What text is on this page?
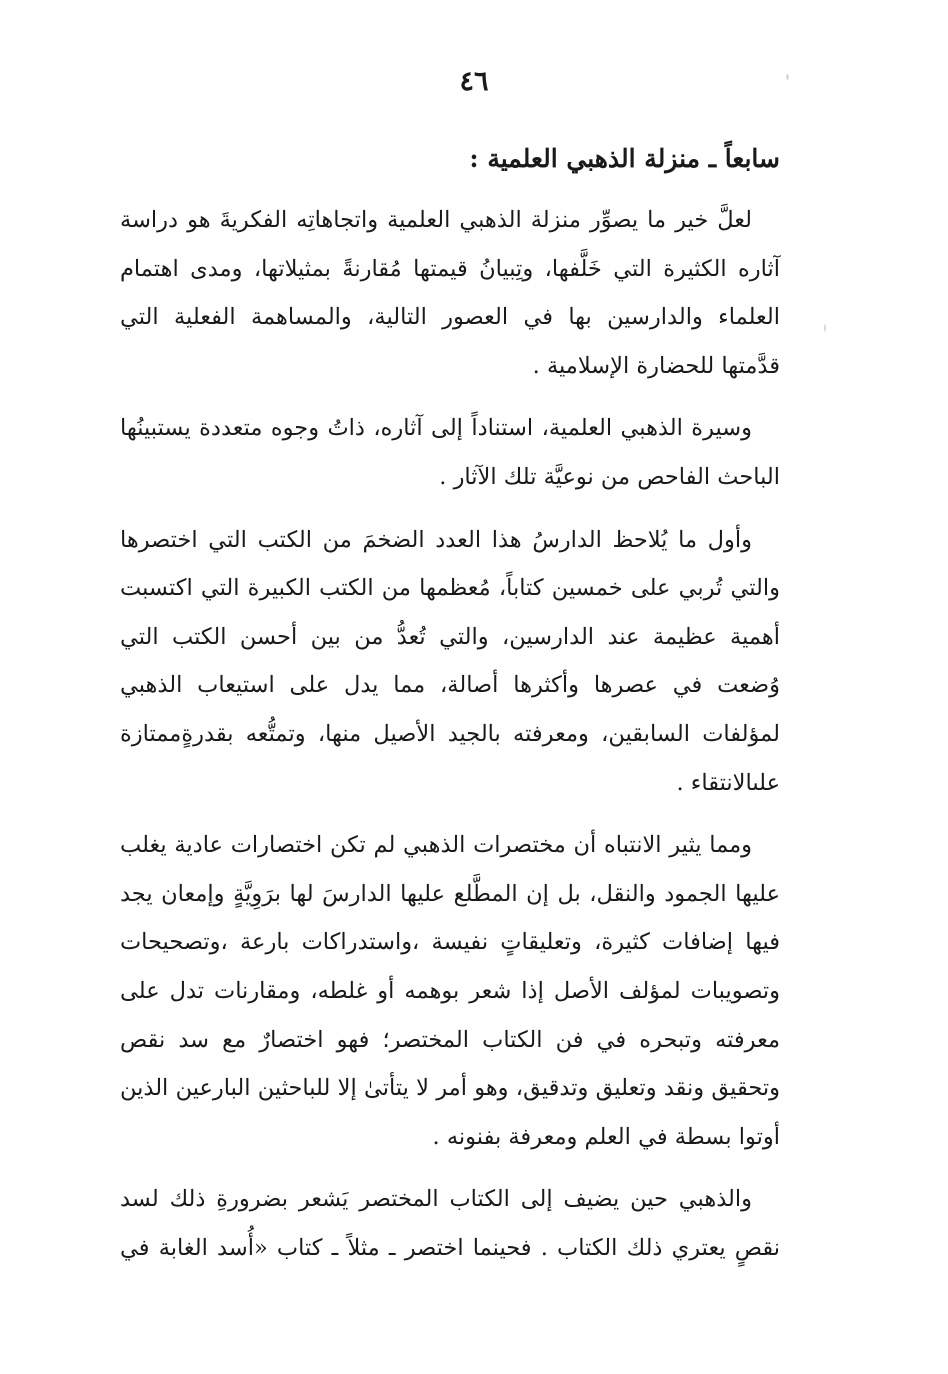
٤٦
سابعاً ـ منزلة الذهبي العلمية :

لعلَّ خير ما يصوِّر منزلة الذهبي العلمية واتجاهاتِه الفكريةَ هو دراسة آثاره الكثيرة التي خَلَّفها، وتِبيانُ قيمتها مُقارنةً بمثيلاتها، ومدى اهتمام العلماء والدارسين بها في العصور التالية، والمساهمة الفعلية التي قدَّمتها للحضارة الإسلامية .

وسيرة الذهبي العلمية، استناداً إلى آثاره، ذاتُ وجوه متعددة يستبينُها الباحث الفاحص من نوعيَّة تلك الآثار .

وأول ما يُلاحظ الدارسُ هذا العدد الضخمَ من الكتب التي اختصرها والتي تُربي على خمسين كتاباً، مُعظمها من الكتب الكبيرة التي اكتسبت أهمية عظيمة عند الدارسين، والتي تُعدُّ من بين أحسن الكتب التي وُضعت في عصرها وأكثرها أصالة، مما يدل على استيعاب الذهبي لمؤلفات السابقين، ومعرفته بالجيد الأصيل منها، وتمتُّعه بقدرةٍممتازة علىالانتقاء .

ومما يثير الانتباه أن مختصرات الذهبي لم تكن اختصارات عادية يغلب عليها الجمود والنقل، بل إن المطَّلع عليها الدارسَ لها برَوِيَّةٍ وإمعان يجد فيها إضافات كثيرة، وتعليقاتٍ نفيسة ،واستدراكات بارعة ،وتصحيحات وتصويبات لمؤلف الأصل إذا شعر بوهمه أو غلطه، ومقارنات تدل على معرفته وتبحره في فن الكتاب المختصر؛ فهو اختصارٌ مع سد نقص وتحقيق ونقد وتعليق وتدقيق، وهو أمر لا يتأتىٰ إلا للباحثين البارعين الذين أوتوا بسطة في العلم ومعرفة بفنونه .

والذهبي حين يضيف إلى الكتاب المختصر يَشعر بضرورةِ ذلك لسد نقصٍ يعتري ذلك الكتاب . فحينما اختصر ـ مثلاً ـ كتاب «أُسد الغابة في
